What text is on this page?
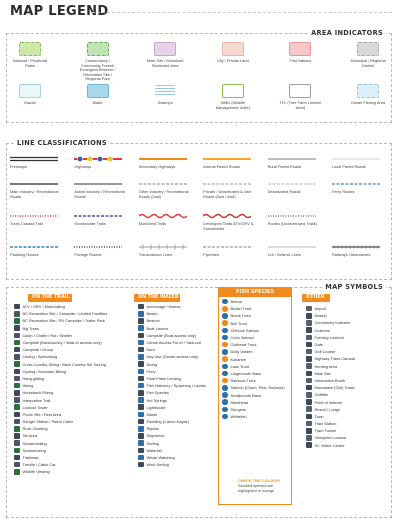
MAP LEGEND
AREA INDICATORS
National / Provincial Parks
Conservancy / Community Forest/ Ecological Reserve / Recreation Site / Regional Park
Mine Site / Motorized Restricted Area
City / Private Land	First Nations	Municipal / Regional District
Glacier	Water	Swamps	WMU (Wildlife Management Units)
TFL (Tree Farm Licence Area)
Ocean Fishing Area
LINE CLASSIFICATIONS
Freeways	Highways	Secondary Highways	Arterial Paved Roads	Rural Paved Roads	Local Paved Roads
Main Industry / Recreational Roads
Active Industry / Recreational Roads
Other Industry / Recreational Roads (2wd)
Private / Deactivated & 4wd Roads (2wd / 4wd)
Deactivated Roads	Ferry Routes
Trans Canada Trail	Snowmobile Trails	Motorized Trails	Developed Trails ATV/ORV & Snowmobile
Routes (Undeveloped Trails)
Paddling Routes	Portage Routes	Transmission Lines	Pipelines	Cut / Seismic Lines	Railways / Abandoned
MAP SYMBOLS
ON THE TRAIL
ATV / ORV / Motorbiking
BC Recreation Site / Campsite / Limited Facilities
BC Recreation Site / RV Campsite / Trailer Park
Big Trees
Cabin / Chalet / Hut / Shelter
Campsite (Backcountry / Walk-in access only)
Campsite / Group
Caving / Spelunking
Cross Country Skiing / Back Country Ski Touring
Cycling / Mountain Biking
Hang-gliding
Hiking
Horseback Riding
Interpretive Trail
Lookout Tower
Picnic Site / Rest Area
Ranger Station / Patrol Cabin
Rock Climbing
Ski Area
Snowmobiling
Snowshoeing
Trailhead
Treville / Cabin Car
Wildlife Viewing
ON THE WATER
Anchorage / Marina
Beach
Beacon
Boat Launch
Campsite (Boat access only)
Canoe Access Put-in / Take-out
Dam
Day Use (Ocean access only)
Diving
Ferry
Float Plane Landing
Fish Hatchery / Spawning / Ladder
Fish Species
Hot Springs
Lighthouse
Marsh
Paddling (Canoe-Kayak)
Rapids
Shipwreck
Surfing
Waterfall
Whale Watching
Wind Surfing
FISH SPECIES
Burbot
Brown Trout
Brook Trout
Bull Trout
Chinook Salmon
Coho Salmon
Cutthroat Trout
Dolly Varden
Kokanee
Lake Trout
Largemouth Bass
Rainbow Trout
Salmon (Chum, Pink, Sockeye)
Smallmouth Bass
Steelhead
Sturgeon
Whitefish
CHECK THE COLOUR!
Stocked species are highlighted in orange
OTHER
Airport
Airstrip
Community Indicator
Customs
Forestry Lookout
Gate
Golf Course
Highway Trans Canada
Hunting Area
Mine Site
Information Booth
Microwave (Cell) Tower
Outfitter
Point of Interest
Resort / Lodge
Town
Train Station
Tram Tunnel
Viewpoint Lookout
XC Visitor Centre
